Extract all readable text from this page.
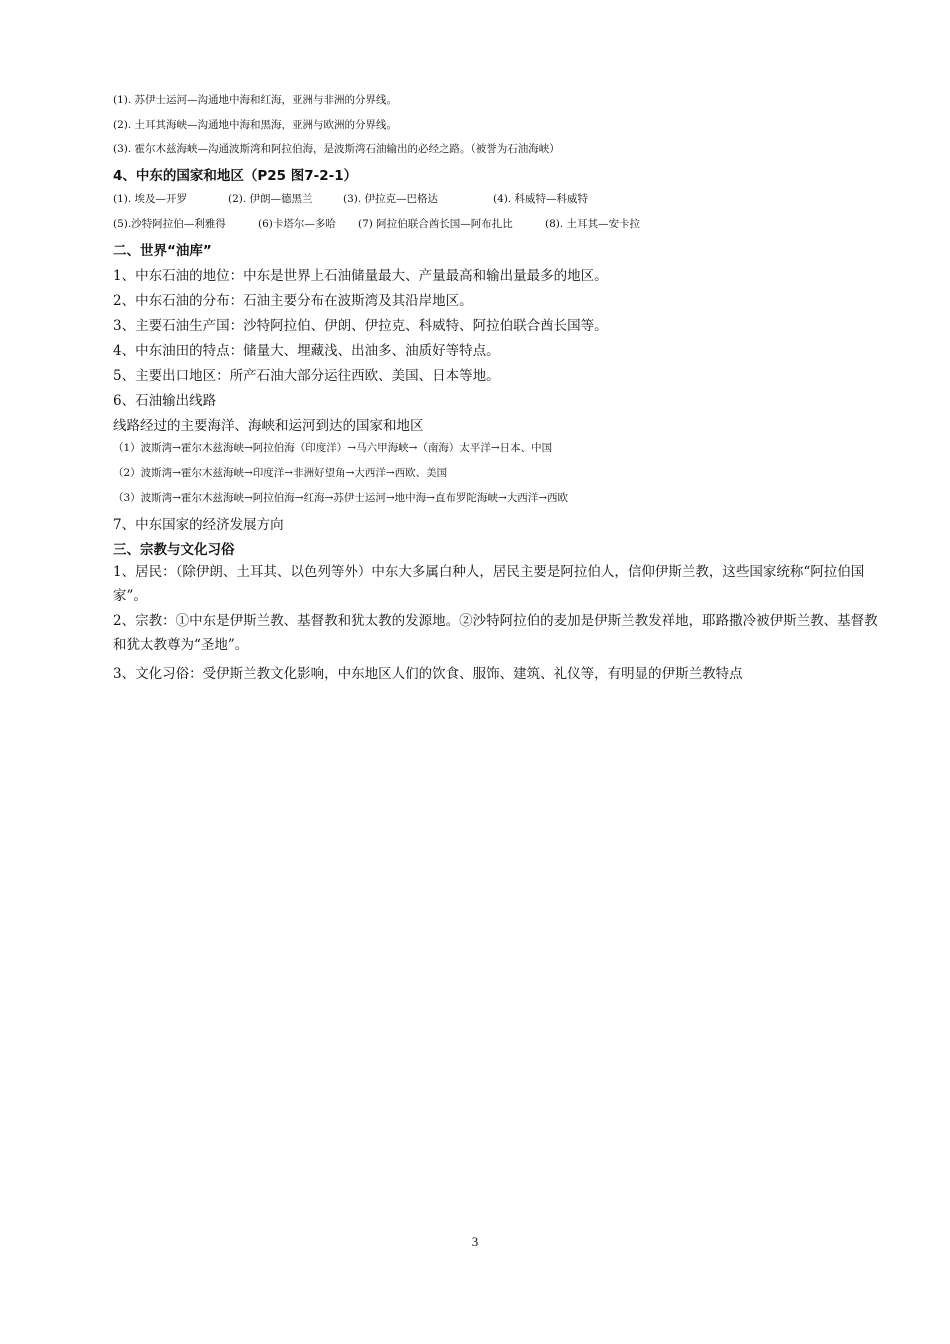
(1). 苏伊士运河—沟通地中海和红海，亚洲与非洲的分界线。
(2). 土耳其海峡—沟通地中海和黑海，亚洲与欧洲的分界线。
(3). 霍尔木兹海峡—沟通波斯湾和阿拉伯海，是波斯湾石油输出的必经之路。（被誉为石油海峡）
4、中东的国家和地区（P25 图7-2-1）
(1). 埃及—开罗	(2). 伊朗—德黑兰	(3). 伊拉克—巴格达	(4). 科威特—科威特
(5).沙特阿拉伯—利雅得	(6)卡塔尔—多哈 (7) 阿拉伯联合酋长国—阿布扎比	(8). 土耳其—安卡拉
二、世界“油库”
1、中东石油的地位：中东是世界上石油储量最大、产量最高和输出量最多的地区。
2、中东石油的分布：石油主要分布在波斯湾及其沿岸地区。
3、主要石油生产国：沙特阿拉伯、伊朗、伊拉克、科威特、阿拉伯联合酋长国等。
4、中东油田的特点：储量大、埋藏浅、出油多、油质好等特点。
5、主要出口地区：所产石油大部分运往西欧、美国、日本等地。
6、石油输出线路
线路经过的主要海洋、海峡和运河到达的国家和地区
（1）波斯湾→霍尔木兹海峡→阿拉伯海（印度洋）→马六甲海峡→（南海）太平洋→日本、中国
（2）波斯湾→霍尔木兹海峡→印度洋→非洲好望角→大西洋→西欧、美国
（3）波斯湾→霍尔木兹海峡→阿拉伯海→红海→苏伊士运河→地中海→直布罗陀海峡→大西洋→西欧
7、中东国家的经济发展方向
三、宗教与文化习俗
1、居民：（除伊朗、土耳其、以色列等外）中东大多属白种人，居民主要是阿拉伯人，信仰伊斯兰教，这些国家统称“阿拉伯国家”。
2、宗教：①中东是伊斯兰教、基督教和犹太教的发源地。②沙特阿拉伯的麦加是伊斯兰教发祥地，耶路撒冷被伊斯兰教、基督教和犹太教尊为“圣地”。
3、文化习俗：受伊斯兰教文化影响，中东地区人们的饮食、服饰、建筑、礼仪等，有明显的伊斯兰教特点
3
